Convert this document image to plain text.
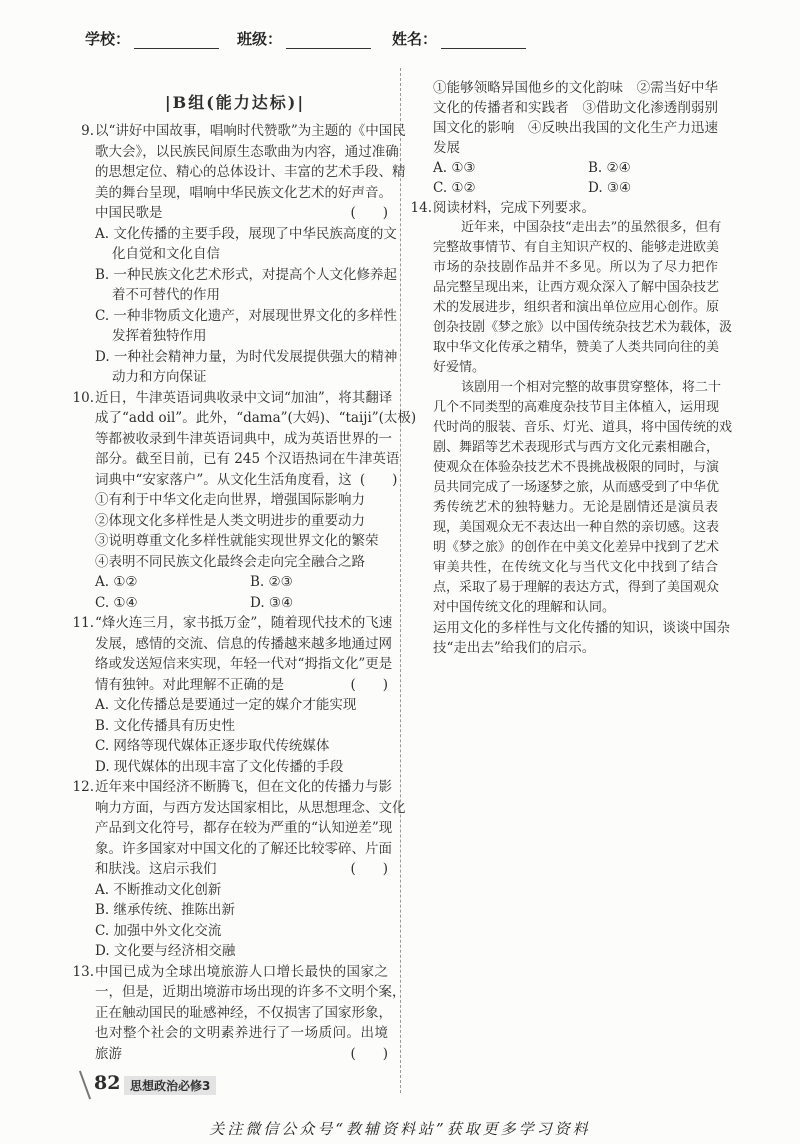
学校：	班级：	姓名：
|B组(能力达标)|
9. 以“讲好中国故事，唱响时代赞歌”为主题的《中国民
歌大会》，以民族民间原生态歌曲为内容，通过准确
的思想定位、精心的总体设计、丰富的艺术手段、精
美的舞台呈现，唱响中华民族文化艺术的好声音。
中国民歌是	(　　)
A. 文化传播的主要手段，展现了中华民族高度的文
化自觉和文化自信
B. 一种民族文化艺术形式，对提高个人文化修养起
着不可替代的作用
C. 一种非物质文化遗产，对展现世界文化的多样性
发挥着独特作用
D. 一种社会精神力量，为时代发展提供强大的精神
动力和方向保证
10. 近日，牛津英语词典收录中文词“加油”，将其翻译
成了“add oil”。此外，“dama”(大妈)、“taiji”(太极)
等都被收录到牛津英语词典中，成为英语世界的一
部分。截至目前，已有 245 个汉语热词在牛津英语
词典中“安家落户”。从文化生活角度看，这 (　　)
①有利于中华文化走向世界，增强国际影响力
②体现文化多样性是人类文明进步的重要动力
③说明尊重文化多样性就能实现世界文化的繁荣
④表明不同民族文化最终会走向完全融合之路
A. ①②	B. ②③
C. ①④	D. ③④
11. “烽火连三月，家书抵万金”，随着现代技术的飞速
发展，感情的交流、信息的传播越来越多地通过网
络或发送短信来实现，年轻一代对“拇指文化”更是
情有独钟。对此理解不正确的是	(　　)
A. 文化传播总是要通过一定的媒介才能实现
B. 文化传播具有历史性
C. 网络等现代媒体正逐步取代传统媒体
D. 现代媒体的出现丰富了文化传播的手段
12. 近年来中国经济不断腾飞，但在文化的传播力与影
响力方面，与西方发达国家相比，从思想理念、文化
产品到文化符号，都存在较为严重的“认知逆差”现
象。许多国家对中国文化的了解还比较零碎、片面
和肤浅。这启示我们	(　　)
A. 不断推动文化创新
B. 继承传统、推陈出新
C. 加强中外文化交流
D. 文化要与经济相交融
13. 中国已成为全球出境旅游人口增长最快的国家之
一，但是，近期出境游市场出现的许多不文明个案，
正在触动国民的耻感神经，不仅损害了国家形象，
也对整个社会的文明素养进行了一场质问。出境
旅游	(　　)
①能够领略异国他乡的文化韵味　②需当好中华
文化的传播者和实践者　③借助文化渗透削弱别
国文化的影响　④反映出我国的文化生产力迅速
发展
A. ①③	B. ②④
C. ①②	D. ③④
14. 阅读材料，完成下列要求。
近年来，中国杂技“走出去”的虽然很多，但有
完整故事情节、有自主知识产权的、能够走进欧美
市场的杂技剧作品并不多见。所以为了尽力把作
品完整呈现出来，让西方观众深入了解中国杂技艺
术的发展进步，组织者和演出单位应用心创作。原
创杂技剧《梦之旅》以中国传统杂技艺术为载体，汲
取中华文化传承之精华，赞美了人类共同向往的美
好爱情。
该剧用一个相对完整的故事贯穿整体，将二十
几个不同类型的高难度杂技节目主体植入，运用现
代时尚的服装、音乐、灯光、道具，将中国传统的戏
剧、舞蹈等艺术表现形式与西方文化元素相融合，
使观众在体验杂技艺术不畏挑战极限的同时，与演
员共同完成了一场逐梦之旅，从而感受到了中华优
秀传统艺术的独特魅力。无论是剧情还是演员表
现，美国观众无不表达出一种自然的亲切感。这表
明《梦之旅》的创作在中美文化差异中找到了艺术
审美共性，在传统文化与当代文化中找到了结合
点，采取了易于理解的表达方式，得到了美国观众
对中国传统文化的理解和认同。
运用文化的多样性与文化传播的知识，谈谈中国杂
技“走出去”给我们的启示。
82 思想政治必修3
关注微信公众号“教辅资料站”获取更多学习资料
